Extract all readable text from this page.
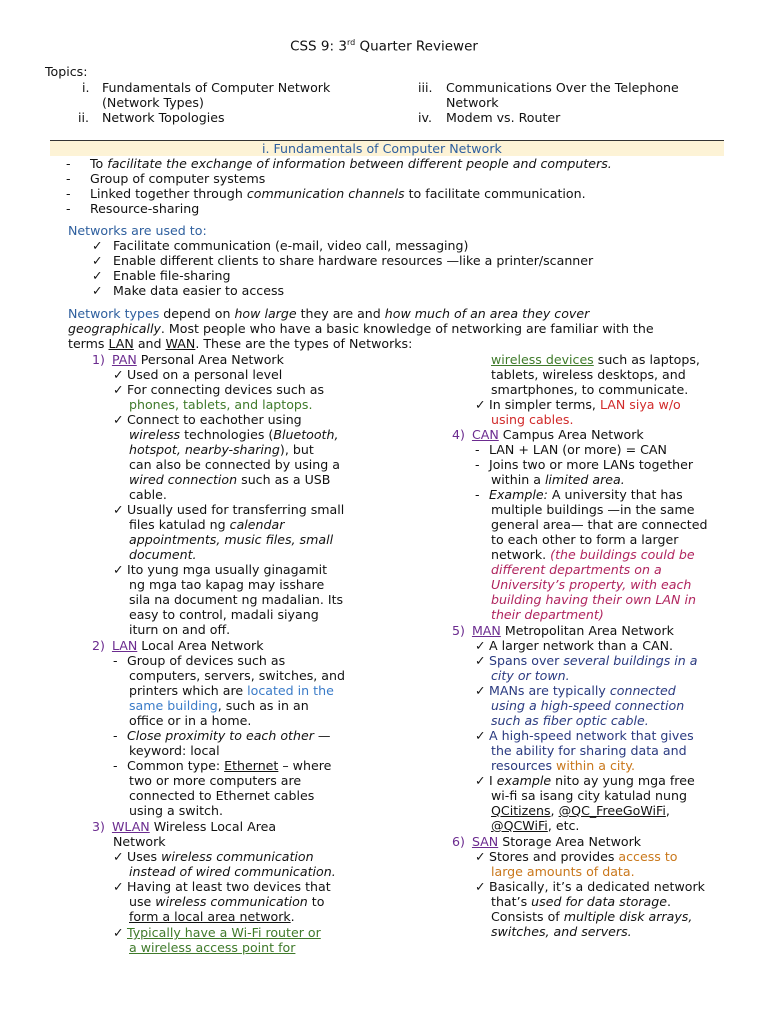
CSS 9: 3rd Quarter Reviewer
Topics:
i. Fundamentals of Computer Network
(Network Types)
ii. Network Topologies
iii. Communications Over the Telephone
Network
iv. Modem vs. Router
i. Fundamentals of Computer Network
- To facilitate the exchange of information between different people and computers.
- Group of computer systems
- Linked together through communication channels to facilitate communication.
- Resource-sharing
Networks are used to:
✓ Facilitate communication (e-mail, video call, messaging)
✓ Enable different clients to share hardware resources —like a printer/scanner
✓ Enable file-sharing
✓ Make data easier to access
Network types depend on how large they are and how much of an area they cover
geographically. Most people who have a basic knowledge of networking are familiar with the
terms LAN and WAN. These are the types of Networks:
1) PAN Personal Area Network
✓ Used on a personal level
✓ For connecting devices such as
phones, tablets, and laptops.
✓ Connect to eachother using
wireless technologies (Bluetooth,
hotspot, nearby-sharing), but
can also be connected by using a
wired connection such as a USB
cable.
✓ Usually used for transferring small
files katulad ng calendar
appointments, music files, small
document.
✓ Ito yung mga usually ginagamit
ng mga tao kapag may isshare
sila na document ng madalian. Its
easy to control, madali siyang
iturn on and off.
2) LAN Local Area Network
- Group of devices such as
computers, servers, switches, and
printers which are located in the
same building, such as in an
office or in a home.
- Close proximity to each other —
keyword: local
- Common type: Ethernet – where
two or more computers are
connected to Ethernet cables
using a switch.
3) WLAN Wireless Local Area
Network
✓ Uses wireless communication
instead of wired communication.
✓ Having at least two devices that
use wireless communication to
form a local area network.
✓ Typically have a Wi-Fi router or
a wireless access point for
wireless devices such as laptops,
tablets, wireless desktops, and
smartphones, to communicate.
✓ In simpler terms, LAN siya w/o
using cables.
4) CAN Campus Area Network
- LAN + LAN (or more) = CAN
- Joins two or more LANs together
within a limited area.
- Example: A university that has
multiple buildings —in the same
general area— that are connected
to each other to form a larger
network. (the buildings could be
different departments on a
University’s property, with each
building having their own LAN in
their department)
5) MAN Metropolitan Area Network
✓ A larger network than a CAN.
✓ Spans over several buildings in a
city or town.
✓ MANs are typically connected
using a high-speed connection
such as fiber optic cable.
✓ A high-speed network that gives
the ability for sharing data and
resources within a city.
✓ I example nito ay yung mga free
wi-fi sa isang city katulad nung
QCitizens, @QC_FreeGoWiFi,
@QCWiFi, etc.
6) SAN Storage Area Network
✓ Stores and provides access to
large amounts of data.
✓ Basically, it’s a dedicated network
that’s used for data storage.
Consists of multiple disk arrays,
switches, and servers.
